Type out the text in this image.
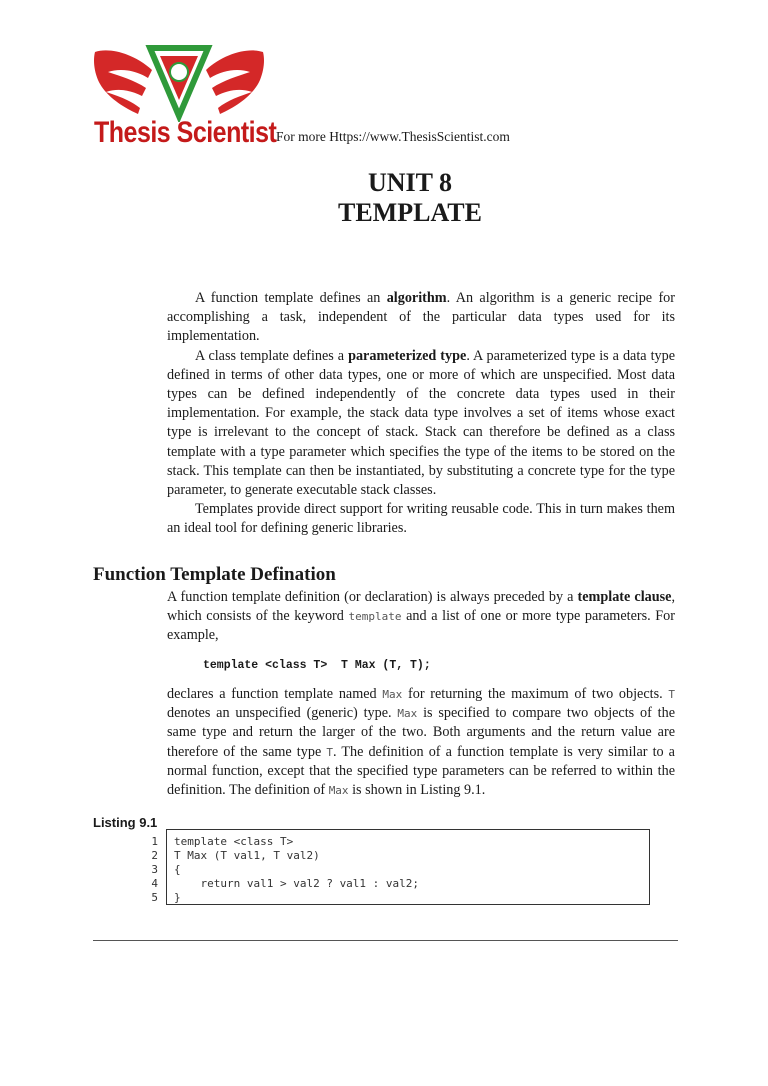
Thesis Scientist For more Https://www.ThesisScientist.com
UNIT 8
TEMPLATE

A function template defines an algorithm. An algorithm is a generic recipe for accomplishing a task, independent of the particular data types used for its implementation.

A class template defines a parameterized type. A parameterized type is a data type defined in terms of other data types, one or more of which are unspecified. Most data types can be defined independently of the concrete data types used in their implementation. For example, the stack data type involves a set of items whose exact type is irrelevant to the concept of stack. Stack can therefore be defined as a class template with a type parameter which specifies the type of the items to be stored on the stack. This template can then be instantiated, by substituting a concrete type for the type parameter, to generate executable stack classes.

Templates provide direct support for writing reusable code. This in turn makes them an ideal tool for defining generic libraries.

Function Template Defination

A function template definition (or declaration) is always preceded by a template clause, which consists of the keyword template and a list of one or more type parameters. For example,

template <class T>  T Max (T, T);

declares a function template named Max for returning the maximum of two objects. T denotes an unspecified (generic) type. Max is specified to compare two objects of the same type and return the larger of the two. Both arguments and the return value are therefore of the same type T. The definition of a function template is very similar to a normal function, except that the specified type parameters can be referred to within the definition. The definition of Max is shown in Listing 9.1.

Listing 9.1
1
2
3
4
5
template <class T>
T Max (T val1, T val2)
{
return val1 > val2 ? val1 : val2;
}
